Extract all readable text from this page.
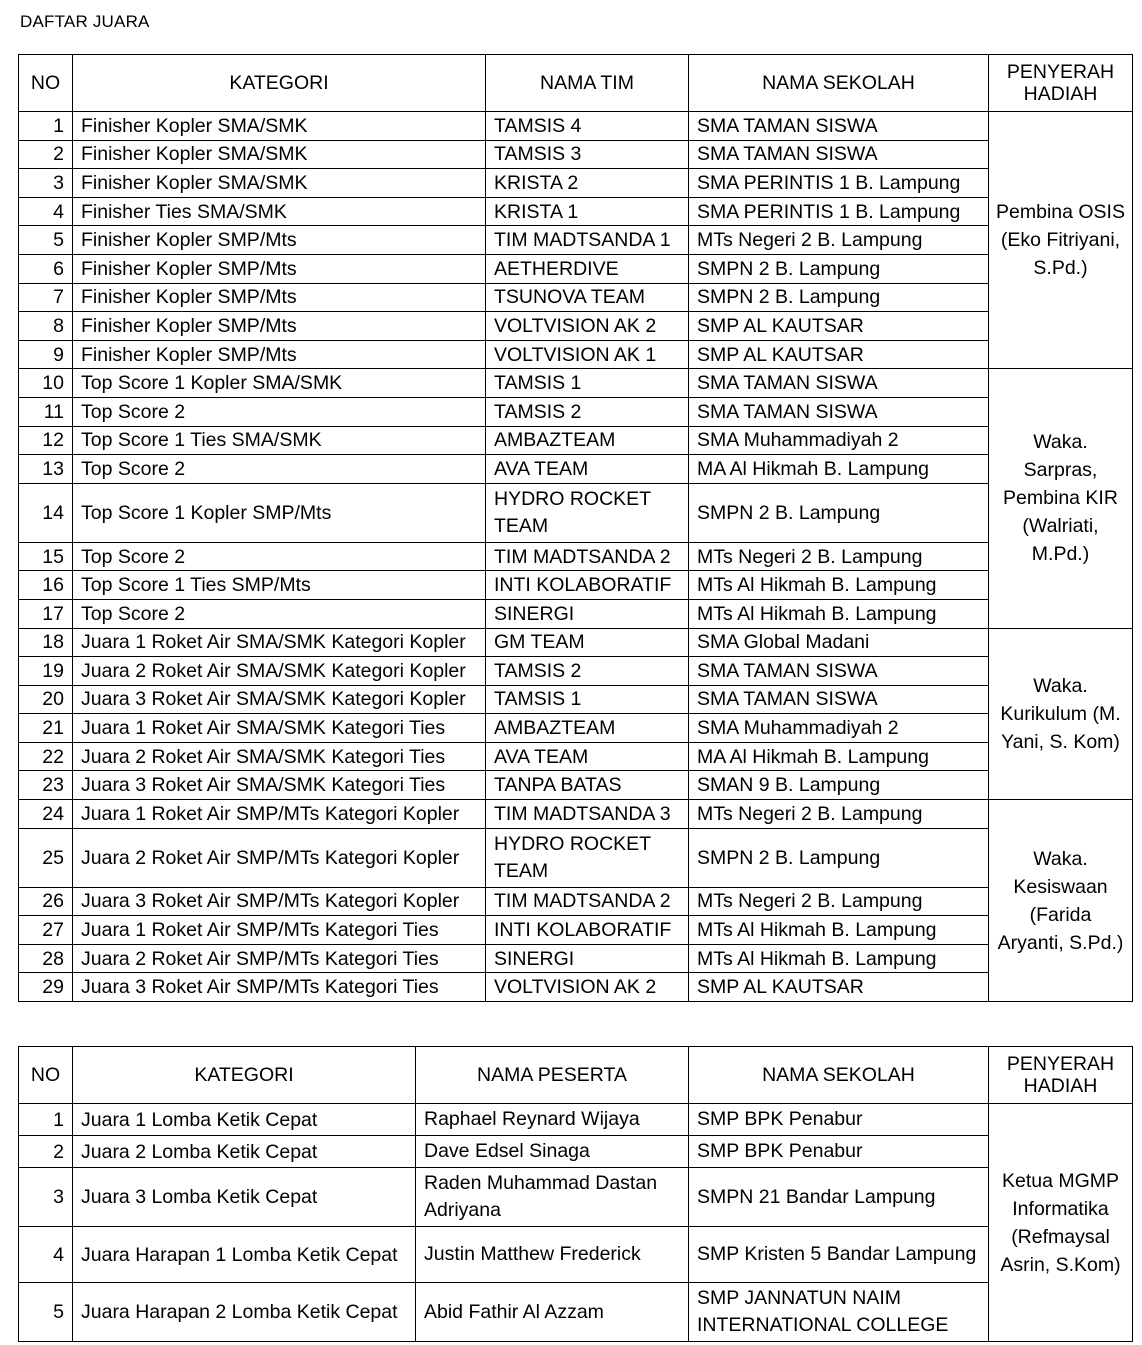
DAFTAR JUARA
NO	KATEGORI	NAMA TIM	NAMA SEKOLAH	PENYERAH HADIAH
1	Finisher Kopler SMA/SMK	TAMSIS 4	SMA TAMAN SISWA	Pembina OSIS (Eko Fitriyani, S.Pd.)
2	Finisher Kopler SMA/SMK	TAMSIS 3	SMA TAMAN SISWA	
3	Finisher Kopler SMA/SMK	KRISTA 2	SMA PERINTIS 1 B. Lampung	
4	Finisher Ties SMA/SMK	KRISTA 1	SMA PERINTIS 1 B. Lampung	
5	Finisher Kopler SMP/Mts	TIM MADTSANDA 1	MTs Negeri 2 B. Lampung	
6	Finisher Kopler SMP/Mts	AETHERDIVE	SMPN 2 B. Lampung	
7	Finisher Kopler SMP/Mts	TSUNOVA TEAM	SMPN 2 B. Lampung	
8	Finisher Kopler SMP/Mts	VOLTVISION AK 2	SMP AL KAUTSAR	
9	Finisher Kopler SMP/Mts	VOLTVISION AK 1	SMP AL KAUTSAR	
10	Top Score 1 Kopler SMA/SMK	TAMSIS 1	SMA TAMAN SISWA	Waka. Sarpras, Pembina KIR (Walriati, M.Pd.)
11	Top Score 2	TAMSIS 2	SMA TAMAN SISWA	
12	Top Score 1 Ties SMA/SMK	AMBAZTEAM	SMA Muhammadiyah 2	
13	Top Score 2	AVA TEAM	MA Al Hikmah B. Lampung	
14	Top Score 1 Kopler SMP/Mts	HYDRO ROCKET TEAM	SMPN 2 B. Lampung	
15	Top Score 2	TIM MADTSANDA 2	MTs Negeri 2 B. Lampung	
16	Top Score 1 Ties SMP/Mts	INTI KOLABORATIF	MTs Al Hikmah B. Lampung	
17	Top Score 2	SINERGI	MTs Al Hikmah B. Lampung	
18	Juara 1 Roket Air SMA/SMK Kategori Kopler	GM TEAM	SMA Global Madani	Waka. Kurikulum (M. Yani, S. Kom)
19	Juara 2 Roket Air SMA/SMK Kategori Kopler	TAMSIS 2	SMA TAMAN SISWA	
20	Juara 3 Roket Air SMA/SMK Kategori Kopler	TAMSIS 1	SMA TAMAN SISWA	
21	Juara 1 Roket Air SMA/SMK Kategori Ties	AMBAZTEAM	SMA Muhammadiyah 2	
22	Juara 2 Roket Air SMA/SMK Kategori Ties	AVA TEAM	MA Al Hikmah B. Lampung	
23	Juara 3 Roket Air SMA/SMK Kategori Ties	TANPA BATAS	SMAN 9 B. Lampung	
24	Juara 1 Roket Air SMP/MTs Kategori Kopler	TIM MADTSANDA 3	MTs Negeri 2 B. Lampung	Waka. Kesiswaan (Farida Aryanti, S.Pd.)
25	Juara 2 Roket Air SMP/MTs Kategori Kopler	HYDRO ROCKET TEAM	SMPN 2 B. Lampung	
26	Juara 3 Roket Air SMP/MTs Kategori Kopler	TIM MADTSANDA 2	MTs Negeri 2 B. Lampung	
27	Juara 1 Roket Air SMP/MTs Kategori Ties	INTI KOLABORATIF	MTs Al Hikmah B. Lampung	
28	Juara 2 Roket Air SMP/MTs Kategori Ties	SINERGI	MTs Al Hikmah B. Lampung	
29	Juara 3 Roket Air SMP/MTs Kategori Ties	VOLTVISION AK 2	SMP AL KAUTSAR	
NO	KATEGORI	NAMA PESERTA	NAMA SEKOLAH	PENYERAH HADIAH
1	Juara 1 Lomba Ketik Cepat	Raphael Reynard Wijaya	SMP BPK Penabur	Ketua MGMP Informatika (Refmaysal Asrin, S.Kom)
2	Juara 2 Lomba Ketik Cepat	Dave Edsel Sinaga	SMP BPK Penabur	
3	Juara 3 Lomba Ketik Cepat	Raden Muhammad Dastan Adriyana	SMPN 21 Bandar Lampung	
4	Juara Harapan 1 Lomba Ketik Cepat	Justin Matthew Frederick	SMP Kristen 5 Bandar Lampung	
5	Juara Harapan 2 Lomba Ketik Cepat	Abid Fathir Al Azzam	SMP JANNATUN NAIM INTERNATIONAL COLLEGE	
